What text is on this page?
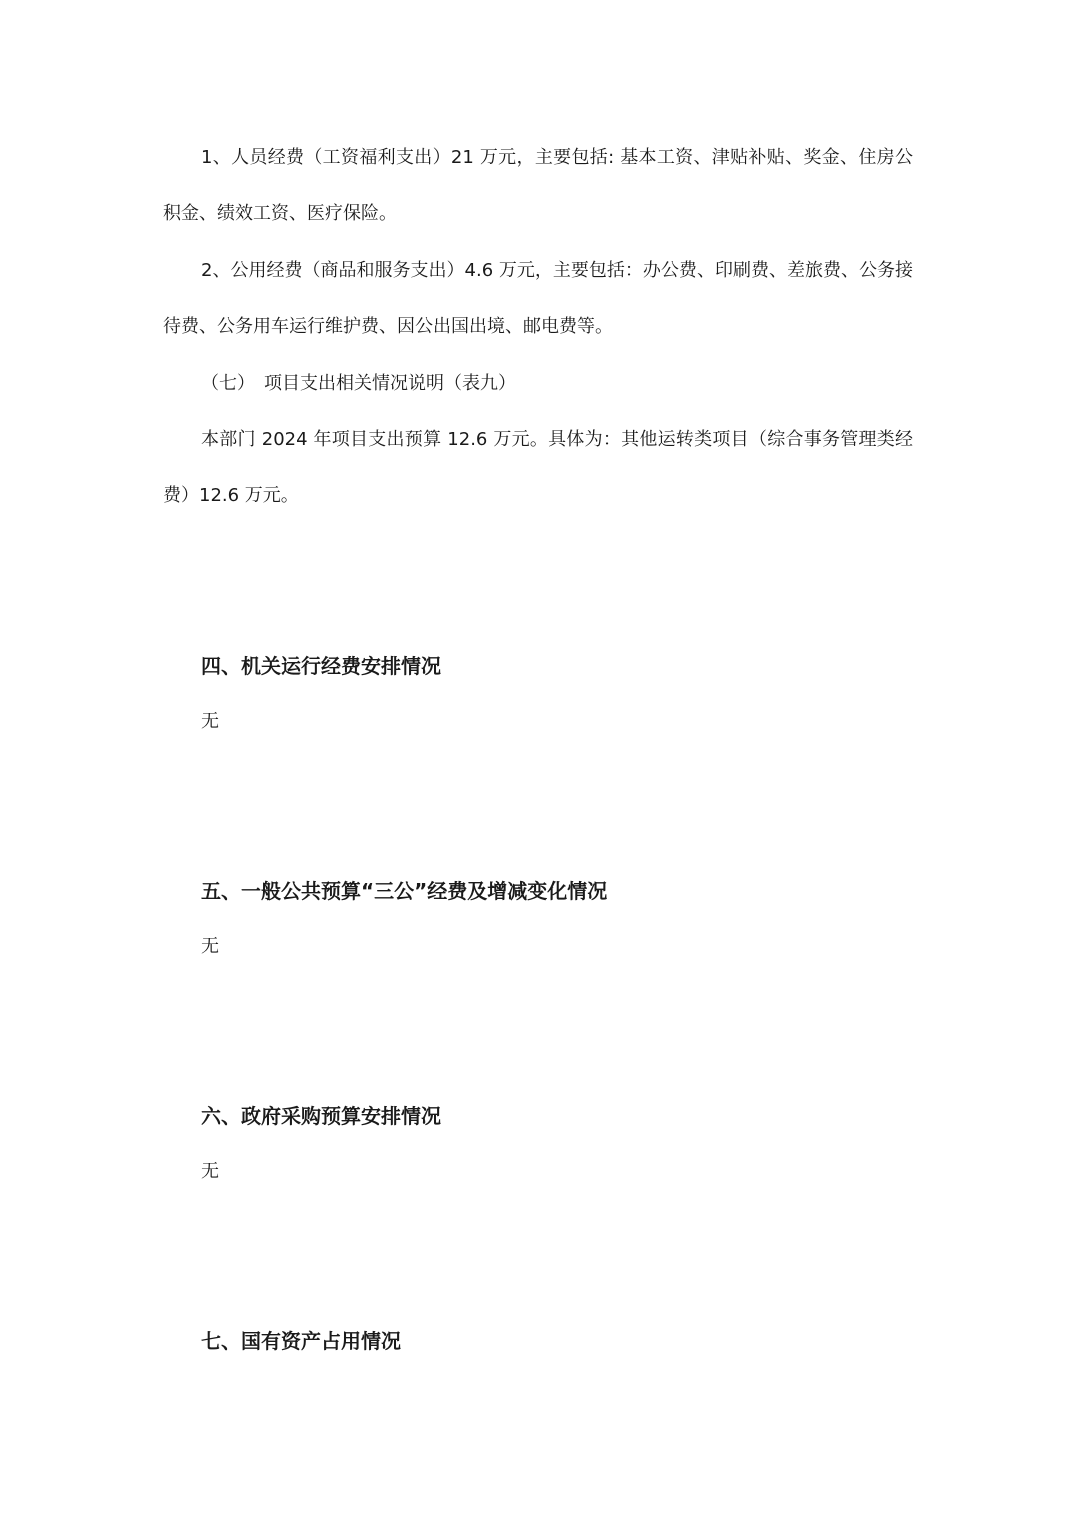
1、人员经费（工资福利支出）21 万元，主要包括: 基本工资、津贴补贴、奖金、住房公积金、绩效工资、医疗保险。

2、公用经费（商品和服务支出）4.6 万元，主要包括：办公费、印刷费、差旅费、公务接待费、公务用车运行维护费、因公出国出境、邮电费等。

（七）　项目支出相关情况说明（表九）

本部门 2024 年项目支出预算 12.6 万元。具体为：其他运转类项目（综合事务管理类经费）12.6 万元。

四、机关运行经费安排情况

无

五、一般公共预算“三公”经费及增减变化情况

无

六、政府采购预算安排情况

无

七、国有资产占用情况
